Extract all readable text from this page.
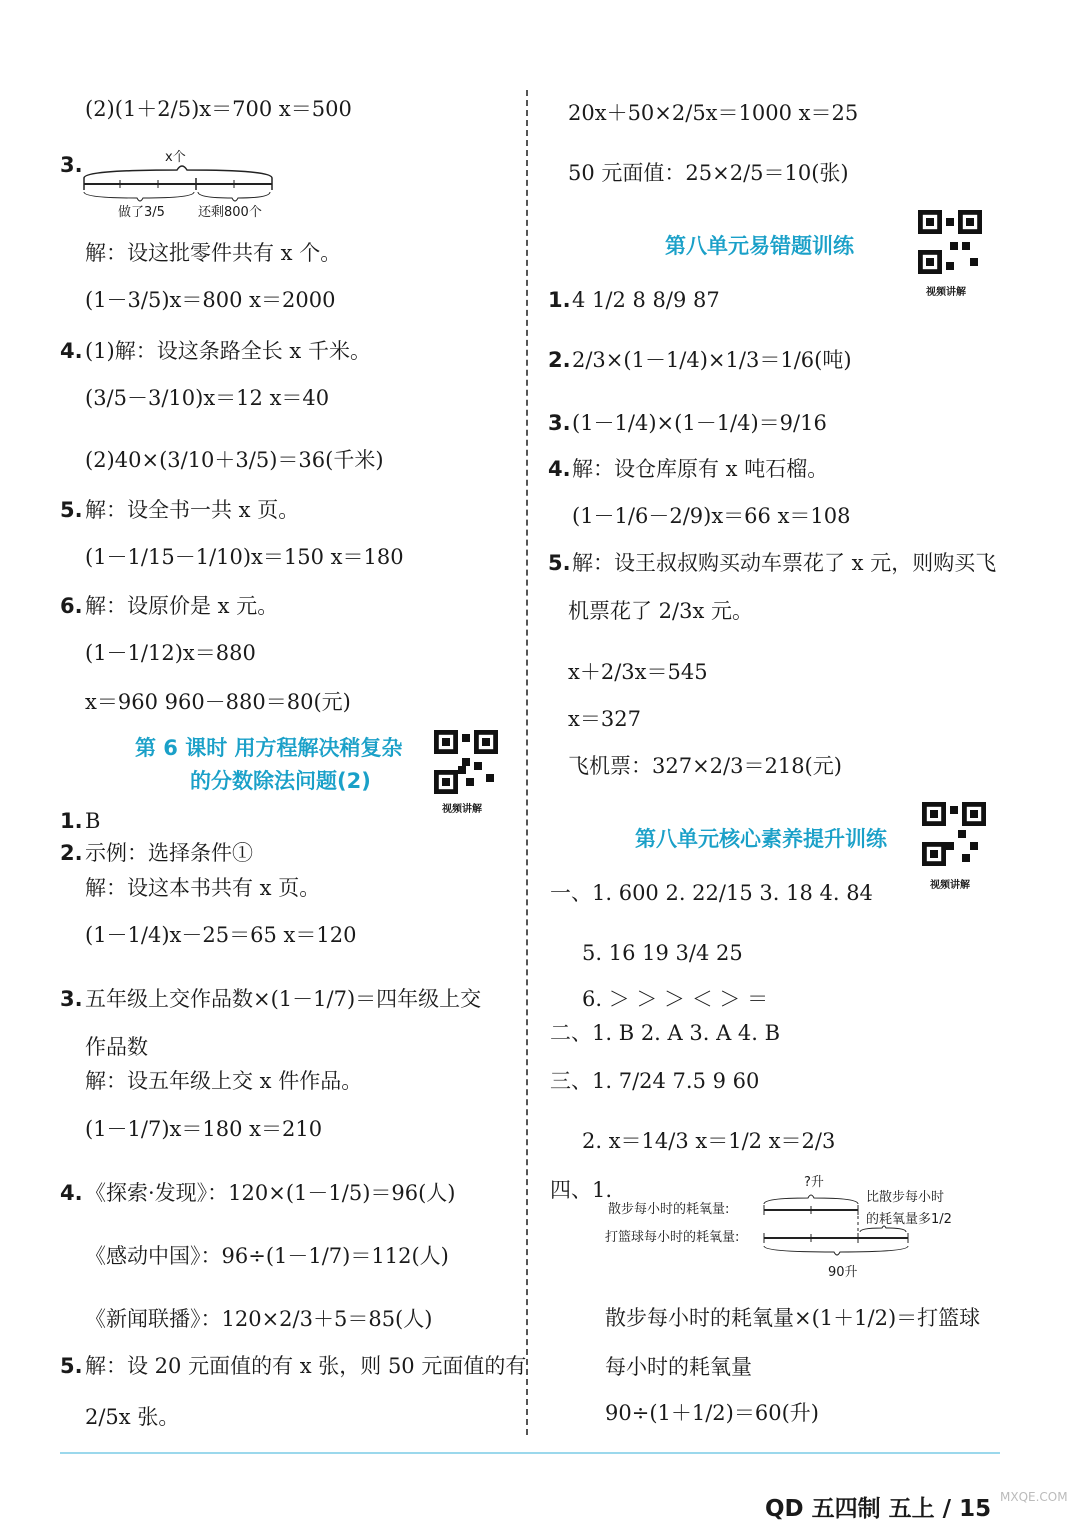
(2)(1＋2/5)x＝700 x＝500
3.	x个
做了3/5	还剩800个
解：设这批零件共有 x 个。
(1－3/5)x＝800 x＝2000
4. (1)解：设这条路全长 x 千米。
(3/5－3/10)x＝12 x＝40
(2)40×(3/10＋3/5)＝36(千米)
5. 解：设全书一共 x 页。
(1－1/15－1/10)x＝150 x＝180
6. 解：设原价是 x 元。
(1－1/12)x＝880
x＝960 960－880＝80(元)
第 6 课时 用方程解决稍复杂
的分数除法问题(2)
视频讲解
1. B
2. 示例：选择条件①
解：设这本书共有 x 页。
(1－1/4)x－25＝65 x＝120
3. 五年级上交作品数×(1－1/7)＝四年级上交
作品数
解：设五年级上交 x 件作品。
(1－1/7)x＝180 x＝210
4. 《探索·发现》：120×(1－1/5)＝96(人)
《感动中国》：96÷(1－1/7)＝112(人)
《新闻联播》：120×2/3＋5＝85(人)
5. 解：设 20 元面值的有 x 张，则 50 元面值的有
2/5x 张。
20x＋50×2/5x＝1000 x＝25
50 元面值：25×2/5＝10(张)
第八单元易错题训练
视频讲解
1. 4 1/2 8 8/9 87
2. 2/3×(1－1/4)×1/3＝1/6(吨)
3. (1－1/4)×(1－1/4)＝9/16
4. 解：设仓库原有 x 吨石榴。
(1－1/6－2/9)x＝66 x＝108
5. 解：设王叔叔购买动车票花了 x 元，则购买飞
机票花了 2/3x 元。
x＋2/3x＝545
x＝327
飞机票：327×2/3＝218(元)
第八单元核心素养提升训练
视频讲解
一、1. 600 2. 22/15 3. 18 4. 84
5. 16 19 3/4 25
6. ＞ ＞ ＞ ＜ ＞ ＝
二、1. B 2. A 3. A 4. B
三、1. 7/24 7.5 9 60
2. x＝14/3 x＝1/2 x＝2/3
四、1.	?升
散步每小时的耗氧量:
打篮球每小时的耗氧量:
比散步每小时
的耗氧量多1/2
90升
散步每小时的耗氧量×(1＋1/2)＝打篮球
每小时的耗氧量
90÷(1＋1/2)＝60(升)
QD 五四制 五上 / 15 MXQE.COM
